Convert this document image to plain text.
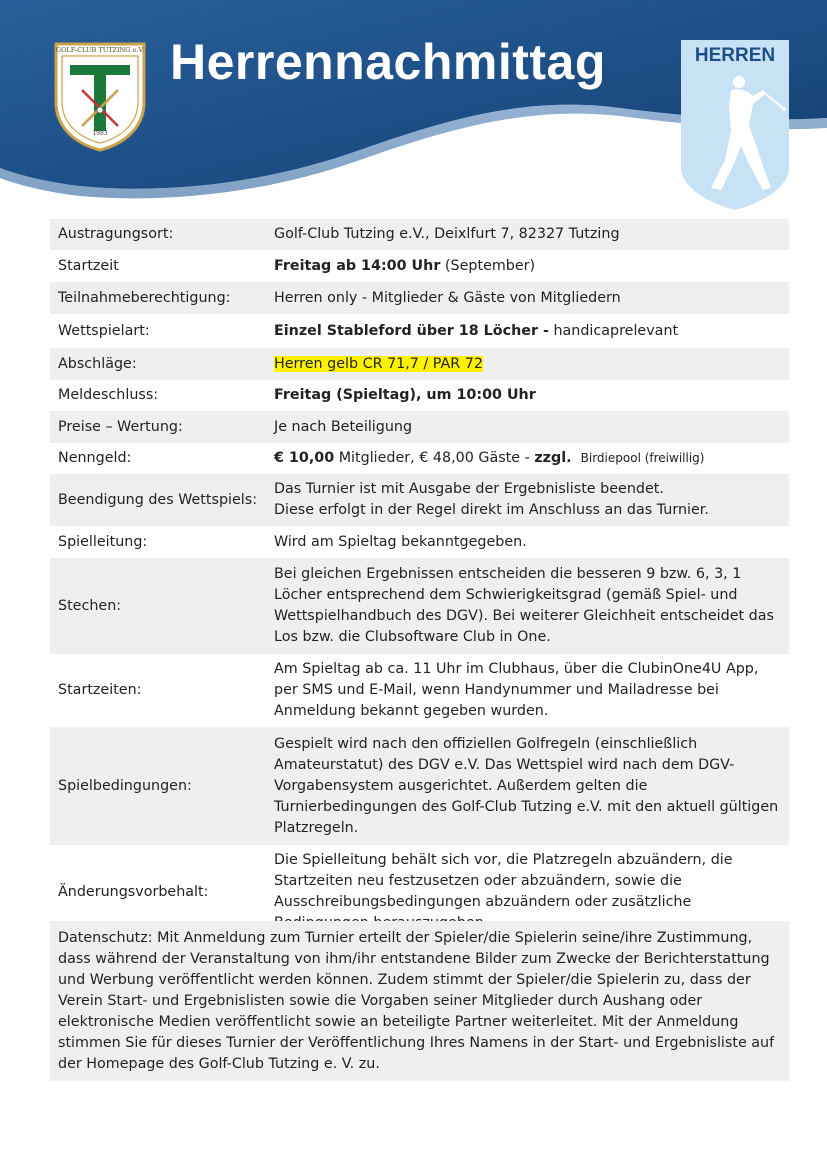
Herrennachmittag
GOLF-CLUB TUTZING e.V.
1983
HERREN
Austragungsort:	Golf-Club Tutzing e.V., Deixlfurt 7, 82327 Tutzing
Startzeit	Freitag ab 14:00 Uhr (September)
Teilnahmeberechtigung:	Herren only - Mitglieder & Gäste von Mitgliedern
Wettspielart:	Einzel Stableford über 18 Löcher - handicaprelevant
Abschläge:	Herren gelb CR 71,7 / PAR 72
Meldeschluss:	Freitag (Spieltag), um 10:00 Uhr
Preise – Wertung:	Je nach Beteiligung
Nenngeld:	€ 10,00 Mitglieder, € 48,00 Gäste - zzgl. Birdiepool (freiwillig)
Beendigung des Wettspiels:	Das Turnier ist mit Ausgabe der Ergebnisliste beendet.
Diese erfolgt in der Regel direkt im Anschluss an das Turnier.

Spielleitung:	Wird am Spieltag bekanntgegeben.
Stechen:	Bei gleichen Ergebnissen entscheiden die besseren 9 bzw. 6, 3, 1 Löcher entsprechend dem Schwierigkeitsgrad (gemäß Spiel- und Wettspielhandbuch des DGV). Bei weiterer Gleichheit entscheidet das Los bzw. die Clubsoftware Club in One.
Startzeiten:	Am Spieltag ab ca. 11 Uhr im Clubhaus, über die ClubinOne4U App, per SMS und E-Mail, wenn Handynummer und Mailadresse bei Anmeldung bekannt gegeben wurden.
Spielbedingungen:	Gespielt wird nach den offiziellen Golfregeln (einschließlich Amateurstatut) des DGV e.V. Das Wettspiel wird nach dem DGV-Vorgabensystem ausgerichtet. Außerdem gelten die Turnierbedingungen des Golf-Club Tutzing e.V. mit den aktuell gültigen Platzregeln.
Änderungsvorbehalt:	Die Spielleitung behält sich vor, die Platzregeln abzuändern, die Startzeiten neu festzusetzen oder abzuändern, sowie die Ausschreibungsbedingungen abzuändern oder zusätzliche
Datenschutz: Mit Anmeldung zum Turnier erteilt der Spieler/die Spielerin seine/ihre Zustimmung, dass während der Veranstaltung von ihm/ihr entstandene Bilder zum Zwecke der Berichterstattung und Werbung veröffentlicht werden können. Zudem stimmt der Spieler/die Spielerin zu, dass der Verein Start- und Ergebnislisten sowie die Vorgaben seiner Mitglieder durch Aushang oder elektronische Medien veröffentlicht sowie an beteiligte Partner weiterleitet. Mit der Anmeldung stimmen Sie für dieses Turnier der Veröffentlichung Ihres Namens in der Start- und Ergebnisliste auf der Homepage des Golf-Club Tutzing e. V. zu.
